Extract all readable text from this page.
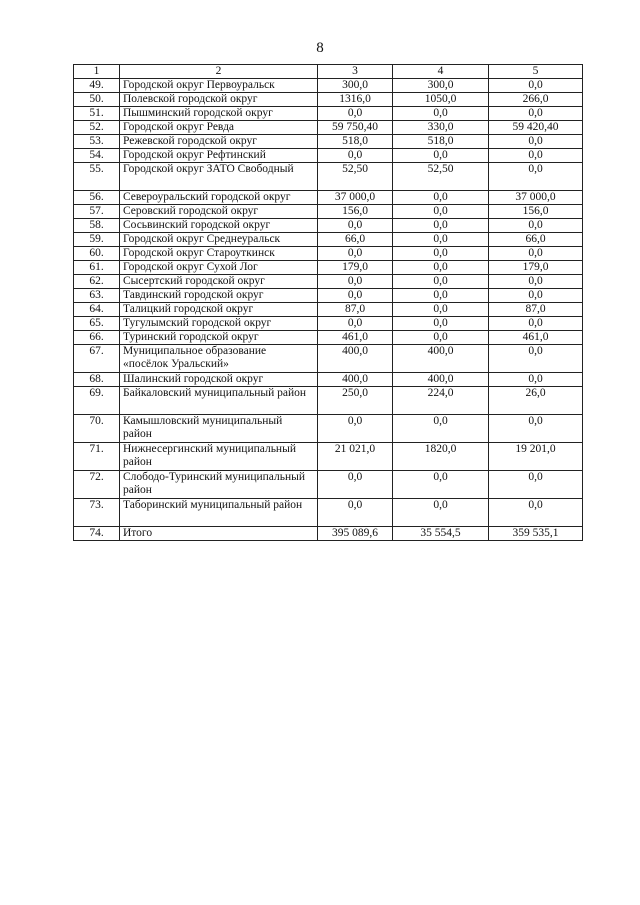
8
1	2	3	4	5
49.	Городской округ Первоуральск	300,0	300,0	0,0
50.	Полевской городской округ	1316,0	1050,0	266,0
51.	Пышминский городской округ	0,0	0,0	0,0
52.	Городской округ Ревда	59 750,40	330,0	59 420,40
53.	Режевской городской округ	518,0	518,0	0,0
54.	Городской округ Рефтинский	0,0	0,0	0,0
55.	Городской округ ЗАТО Свободный	52,50	52,50	0,0
56.	Североуральский городской округ	37 000,0	0,0	37 000,0
57.	Серовский городской округ	156,0	0,0	156,0
58.	Сосьвинский городской округ	0,0	0,0	0,0
59.	Городской округ Среднеуральск	66,0	0,0	66,0
60.	Городской округ Староуткинск	0,0	0,0	0,0
61.	Городской округ Сухой Лог	179,0	0,0	179,0
62.	Сысертский городской округ	0,0	0,0	0,0
63.	Тавдинский городской округ	0,0	0,0	0,0
64.	Талицкий городской округ	87,0	0,0	87,0
65.	Тугулымский городской округ	0,0	0,0	0,0
66.	Туринский городской округ	461,0	0,0	461,0
67.	Муниципальное образование «посёлок Уральский»	400,0	400,0	0,0
68.	Шалинский городской округ	400,0	400,0	0,0
69.	Байкаловский муниципальный район	250,0	224,0	26,0
70.	Камышловский муниципальный район	0,0	0,0	0,0
71.	Нижнесергинский муниципальный район	21 021,0	1820,0	19 201,0
72.	Слободо-Туринский муниципальный район	0,0	0,0	0,0
73.	Таборинский муниципальный район	0,0	0,0	0,0
74.	Итого	395 089,6	35 554,5	359 535,1
